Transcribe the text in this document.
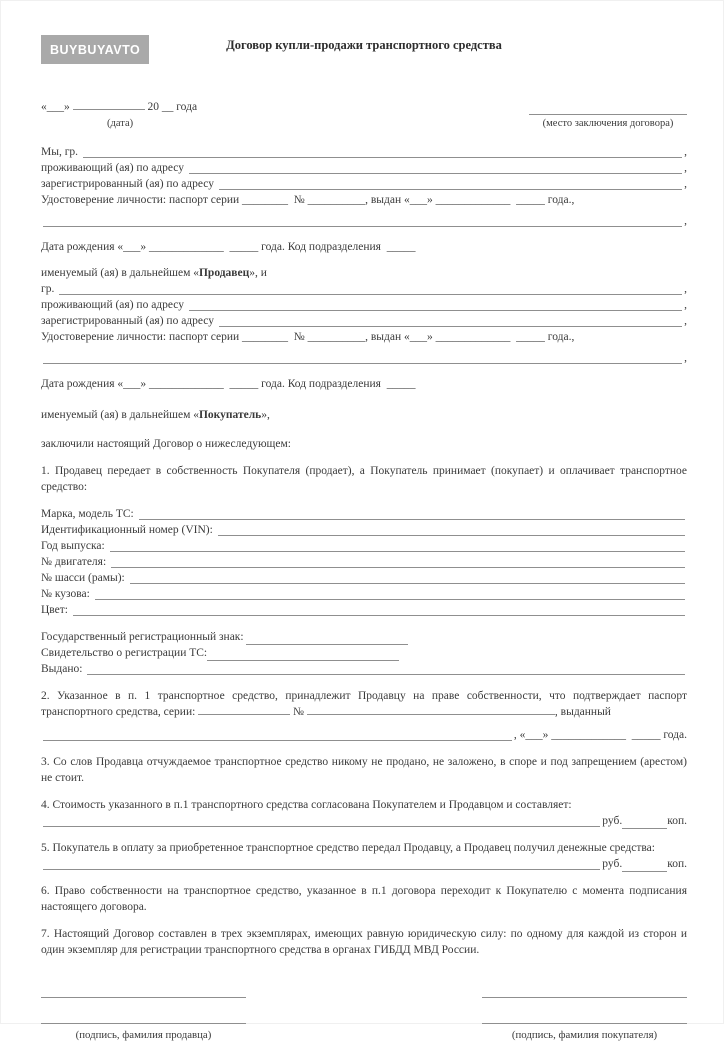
BUYBUYAVTO	Договор купли-продажи транспортного средства
«___»	20 __ года
(дата)	(место заключения договора)
Мы, гр.	,
проживающий (ая) по адресу	,
зарегистрированный (ая) по адресу	,
Удостоверение личности: паспорт серии ________  № __________, выдан «___» _____________  _____ года.,
,
Дата рождения «___» _____________  _____ года. Код подразделения  _____
именуемый (ая) в дальнейшем « Продавец », и
гр.	,
проживающий (ая) по адресу	,
зарегистрированный (ая) по адресу	,
Удостоверение личности: паспорт серии ________  № __________, выдан «___» _____________  _____ года.,
,
Дата рождения «___» _____________  _____ года. Код подразделения  _____
именуемый (ая) в дальнейшем « Покупатель »,
заключили настоящий Договор о нижеследующем:
1. Продавец передает в собственность Покупателя (продает), а Покупатель принимает (покупает) и оплачивает транспортное средство:
Марка, модель ТС:
Идентификационный номер (VIN):
Год выпуска:
№ двигателя:
№ шасси (рамы):
№ кузова:
Цвет:
Государственный регистрационный знак:
Свидетельство о регистрации ТС:
Выдано:
2. Указанное в п. 1 транспортное средство, принадлежит Продавцу на праве собственности, что подтверждает паспорт транспортного средства, серии:	№	, выданный
, «___» _____________  _____ года.
3. Со слов Продавца отчуждаемое транспортное средство никому не продано, не заложено, в споре и под запрещением (арестом) не стоит.
4. Стоимость указанного в п.1 транспортного средства согласована Покупателем и Продавцом и составляет:
руб.	коп.
5. Покупатель в оплату за приобретенное транспортное средство передал Продавцу, а Продавец получил денежные средства:
руб.	коп.
6. Право собственности на транспортное средство, указанное в п.1 договора переходит к Покупателю с момента подписания настоящего договора.
7. Настоящий Договор составлен в трех экземплярах, имеющих равную юридическую силу: по одному для каждой из сторон и один экземпляр для регистрации транспортного средства в органах ГИБДД МВД России.
(подпись, фамилия продавца)	(подпись, фамилия покупателя)
